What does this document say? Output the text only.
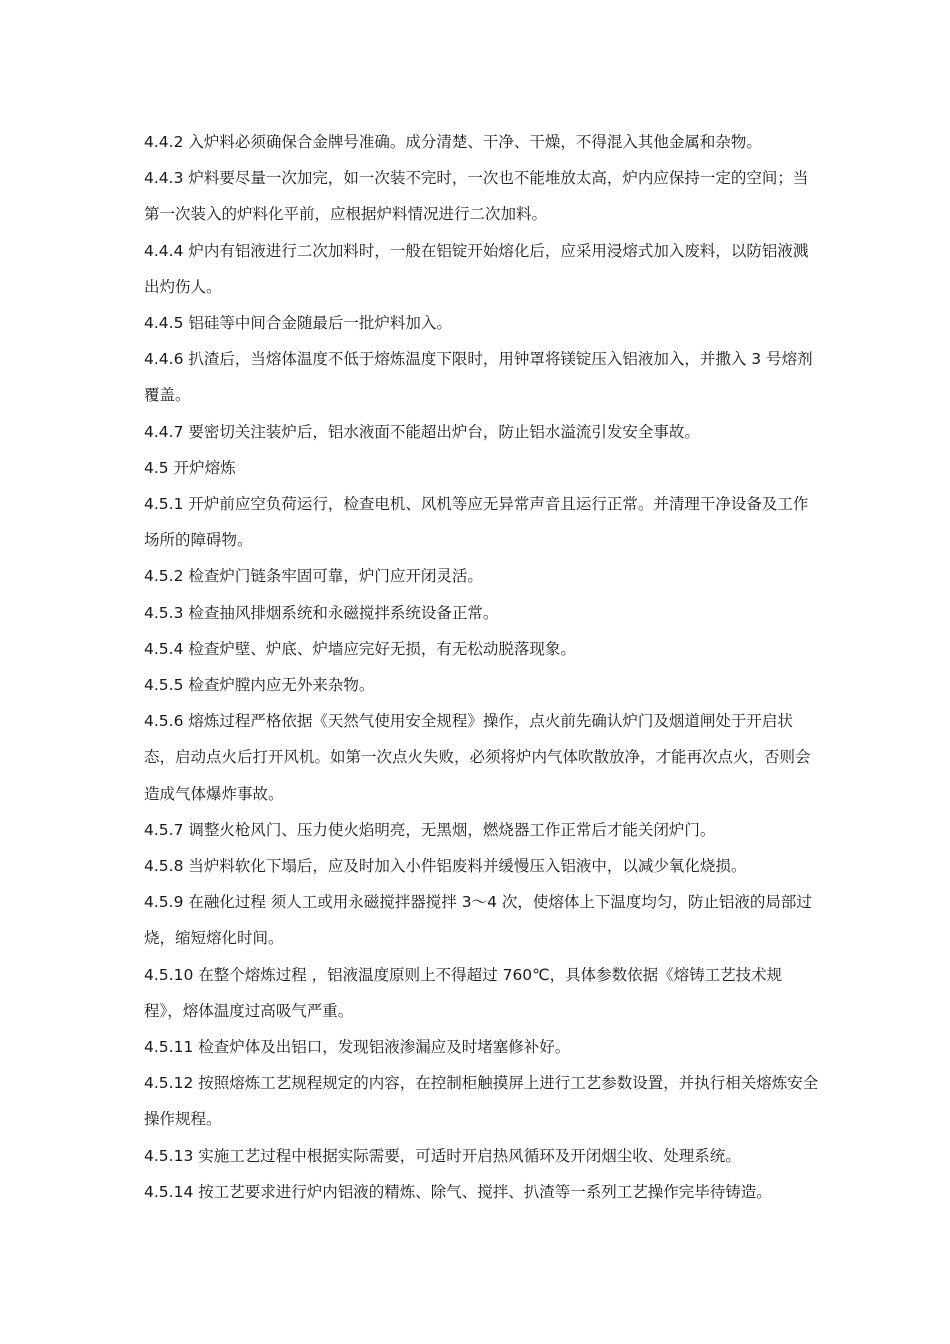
4.4.2 入炉料必须确保合金牌号准确。成分清楚、干净、干燥，不得混入其他金属和杂物。

4.4.3 炉料要尽量一次加完，如一次装不完时，一次也不能堆放太高，炉内应保持一定的空间；当第一次装入的炉料化平前，应根据炉料情况进行二次加料。

4.4.4 炉内有铝液进行二次加料时，一般在铝锭开始熔化后，应采用浸熔式加入废料，以防铝液溅出灼伤人。

4.4.5 铝硅等中间合金随最后一批炉料加入。

4.4.6 扒渣后，当熔体温度不低于熔炼温度下限时，用钟罩将镁锭压入铝液加入，并撒入 3 号熔剂覆盖。

4.4.7 要密切关注装炉后，铝水液面不能超出炉台，防止铝水溢流引发安全事故。

4.5 开炉熔炼

4.5.1 开炉前应空负荷运行，检查电机、风机等应无异常声音且运行正常。并清理干净设备及工作场所的障碍物。

4.5.2 检查炉门链条牢固可靠，炉门应开闭灵活。

4.5.3 检查抽风排烟系统和永磁搅拌系统设备正常。

4.5.4 检查炉壁、炉底、炉墙应完好无损，有无松动脱落现象。

4.5.5 检查炉膛内应无外来杂物。

4.5.6 熔炼过程严格依据《天然气使用安全规程》操作，点火前先确认炉门及烟道闸处于开启状态，启动点火后打开风机。如第一次点火失败，必须将炉内气体吹散放净，才能再次点火，否则会造成气体爆炸事故。

4.5.7 调整火枪风门、压力使火焰明亮，无黑烟，燃烧器工作正常后才能关闭炉门。

4.5.8 当炉料软化下塌后，应及时加入小件铝废料并缓慢压入铝液中，以减少氧化烧损。

4.5.9 在融化过程 须人工或用永磁搅拌器搅拌 3～4 次，使熔体上下温度均匀，防止铝液的局部过烧，缩短熔化时间。

4.5.10 在整个熔炼过程 ，铝液温度原则上不得超过 760℃，具体参数依据《熔铸工艺技术规程》，熔体温度过高吸气严重。

4.5.11 检查炉体及出铝口，发现铝液渗漏应及时堵塞修补好。

4.5.12 按照熔炼工艺规程规定的内容，在控制柜触摸屏上进行工艺参数设置，并执行相关熔炼安全操作规程。

4.5.13 实施工艺过程中根据实际需要，可适时开启热风循环及开闭烟尘收、处理系统。

4.5.14 按工艺要求进行炉内铝液的精炼、除气、搅拌、扒渣等一系列工艺操作完毕待铸造。
